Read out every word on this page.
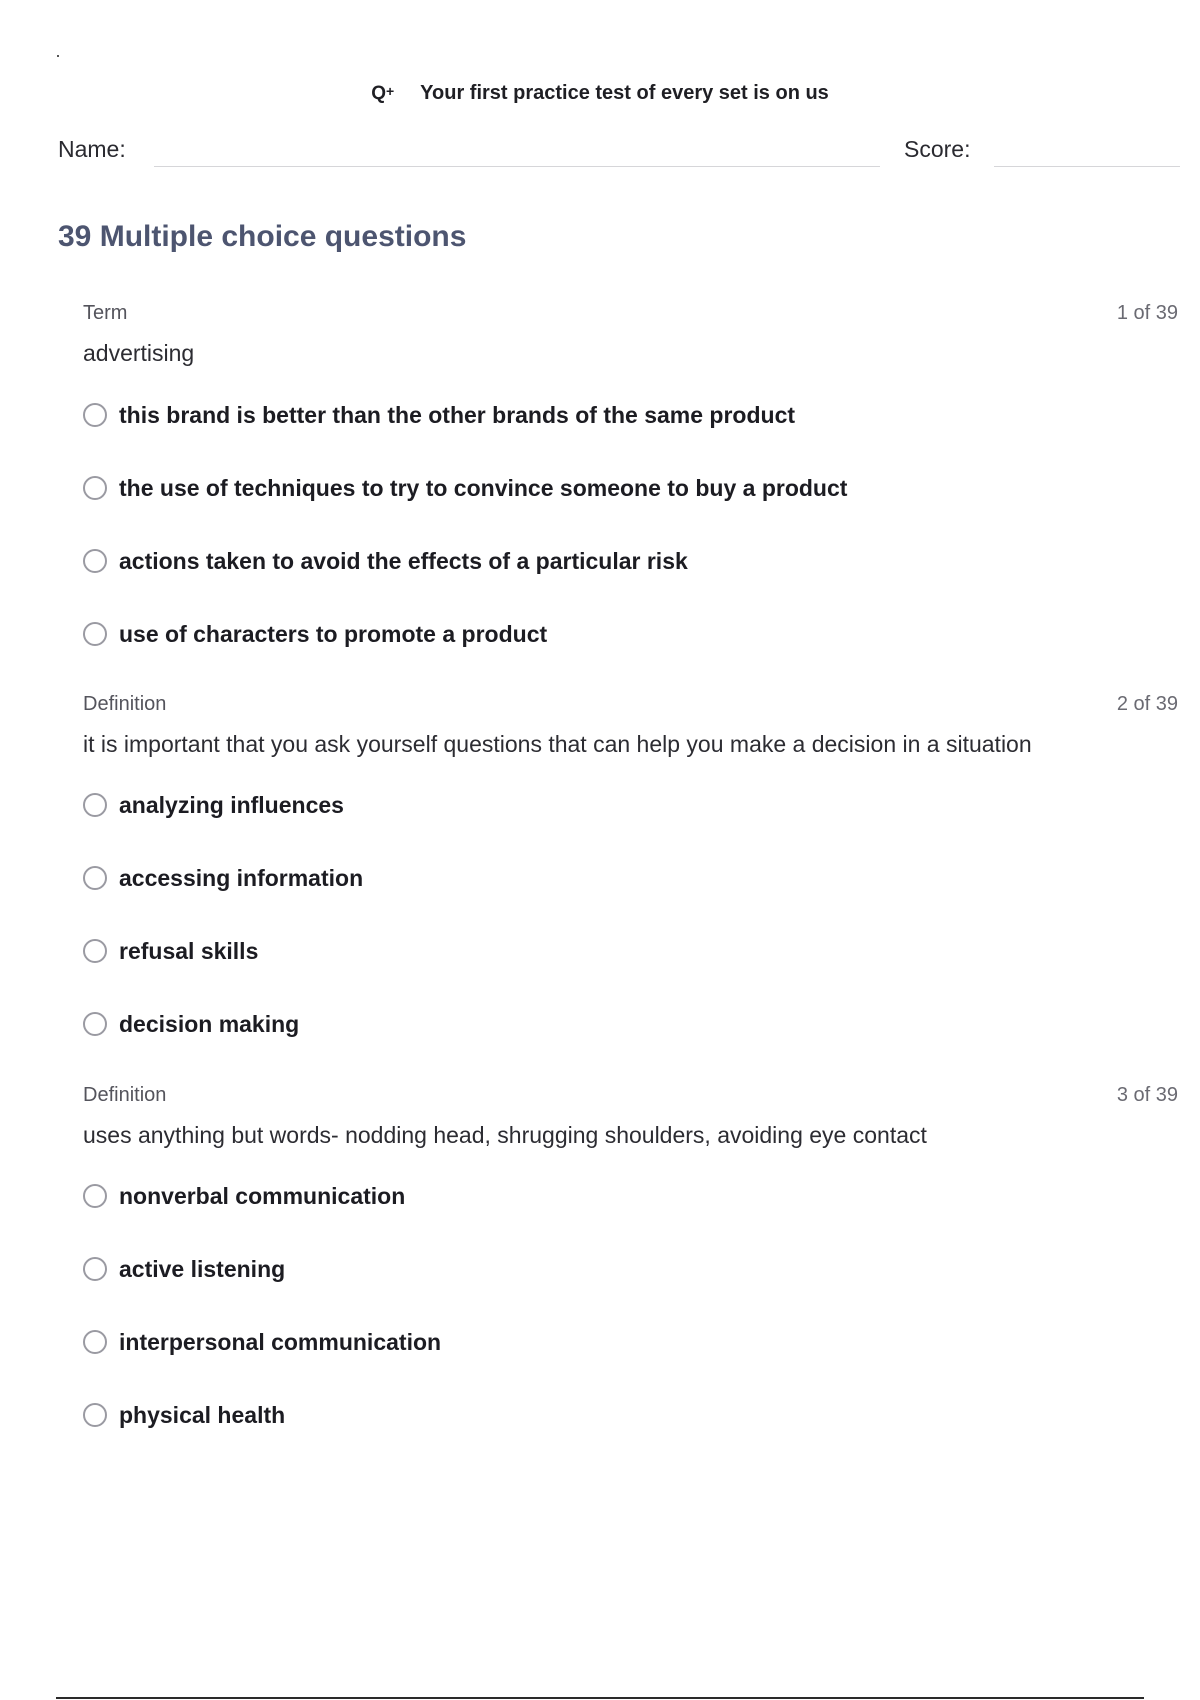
Q+ Your first practice test of every set is on us
Name:	Score:
39 Multiple choice questions
Term	1 of 39
advertising
this brand is better than the other brands of the same product
the use of techniques to try to convince someone to buy a product
actions taken to avoid the effects of a particular risk
use of characters to promote a product
Definition	2 of 39
it is important that you ask yourself questions that can help you make a decision in a situation
analyzing influences
accessing information
refusal skills
decision making
Definition	3 of 39
uses anything but words- nodding head, shrugging shoulders, avoiding eye contact
nonverbal communication
active listening
interpersonal communication
physical health
